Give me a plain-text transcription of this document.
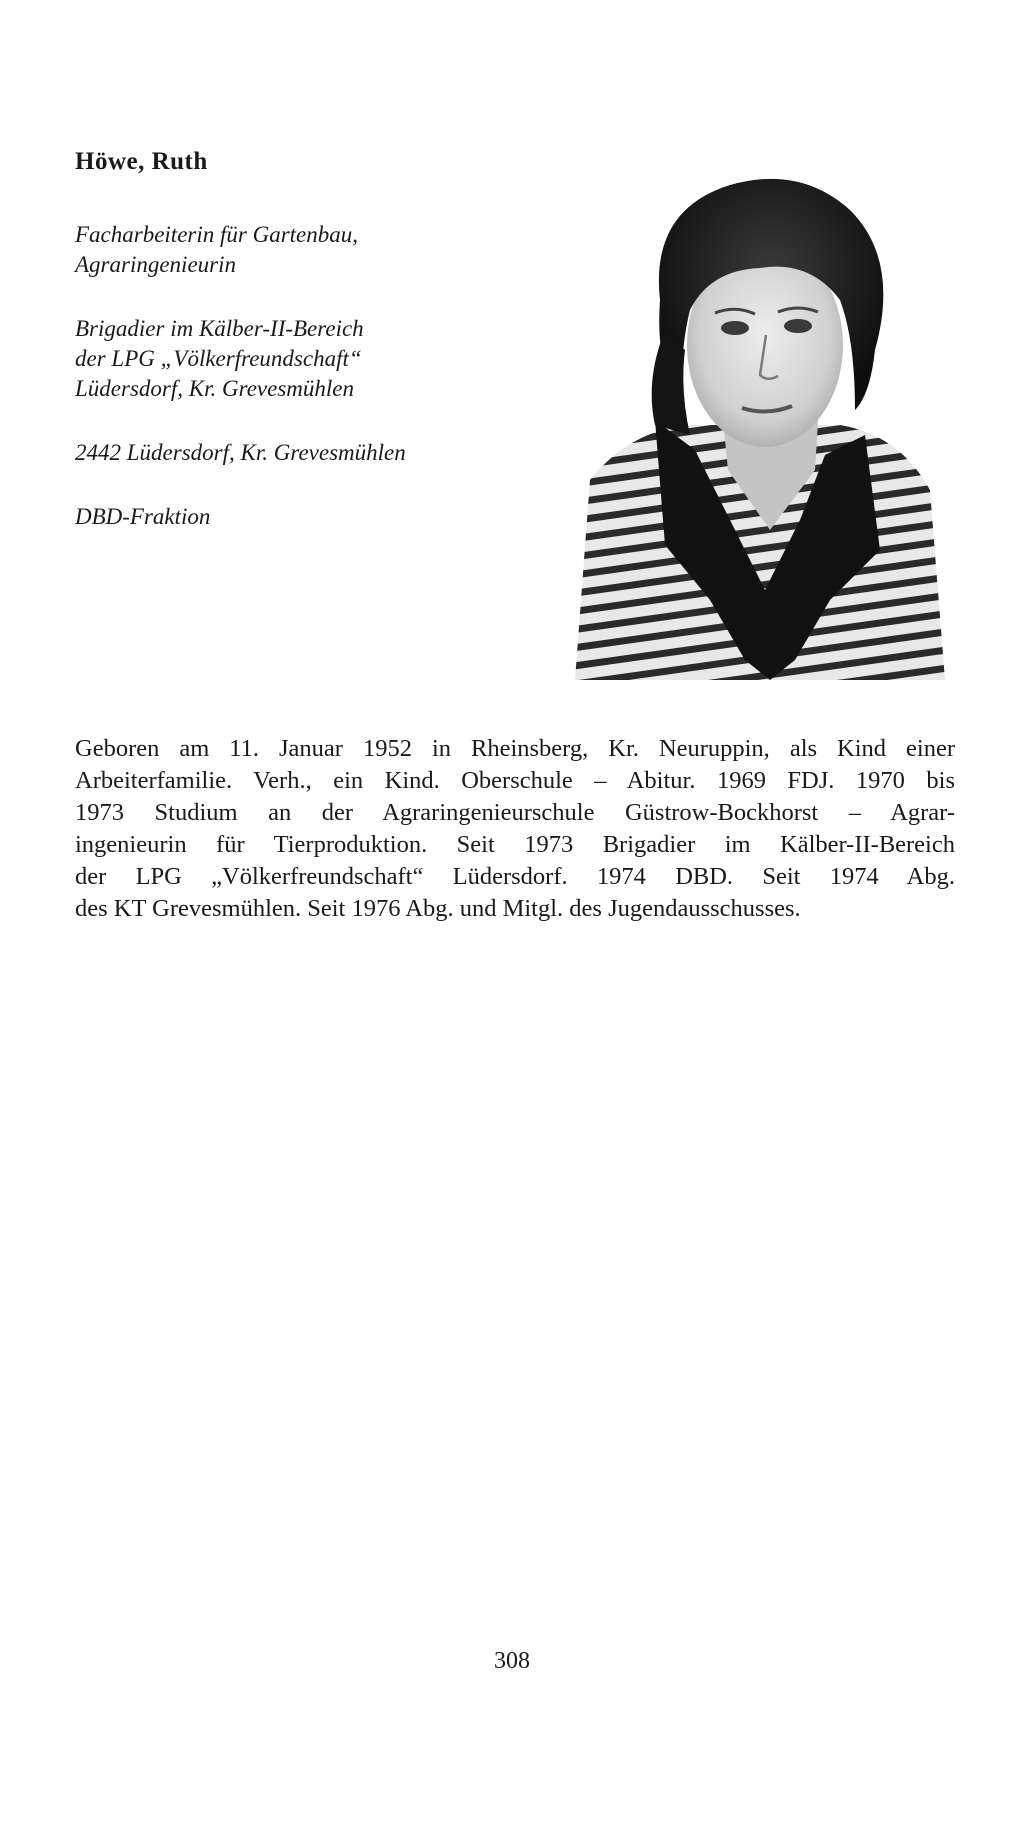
Höwe, Ruth
Facharbeiterin für Gartenbau,
Agraringenieurin
Brigadier im Kälber-II-Bereich
der LPG „Völkerfreundschaft“
Lüdersdorf, Kr. Grevesmühlen
2442 Lüdersdorf, Kr. Grevesmühlen
DBD-Fraktion
Geboren am 11. Januar 1952 in Rheinsberg, Kr. Neuruppin, als Kind einer
Arbeiterfamilie. Verh., ein Kind. Oberschule – Abitur. 1969 FDJ. 1970 bis
1973 Studium an der Agraringenieurschule Güstrow-Bockhorst – Agrar-
ingenieurin für Tierproduktion. Seit 1973 Brigadier im Kälber-II-Bereich
der LPG „Völkerfreundschaft“ Lüdersdorf. 1974 DBD. Seit 1974 Abg.
des KT Grevesmühlen. Seit 1976 Abg. und Mitgl. des Jugendausschusses.
308
